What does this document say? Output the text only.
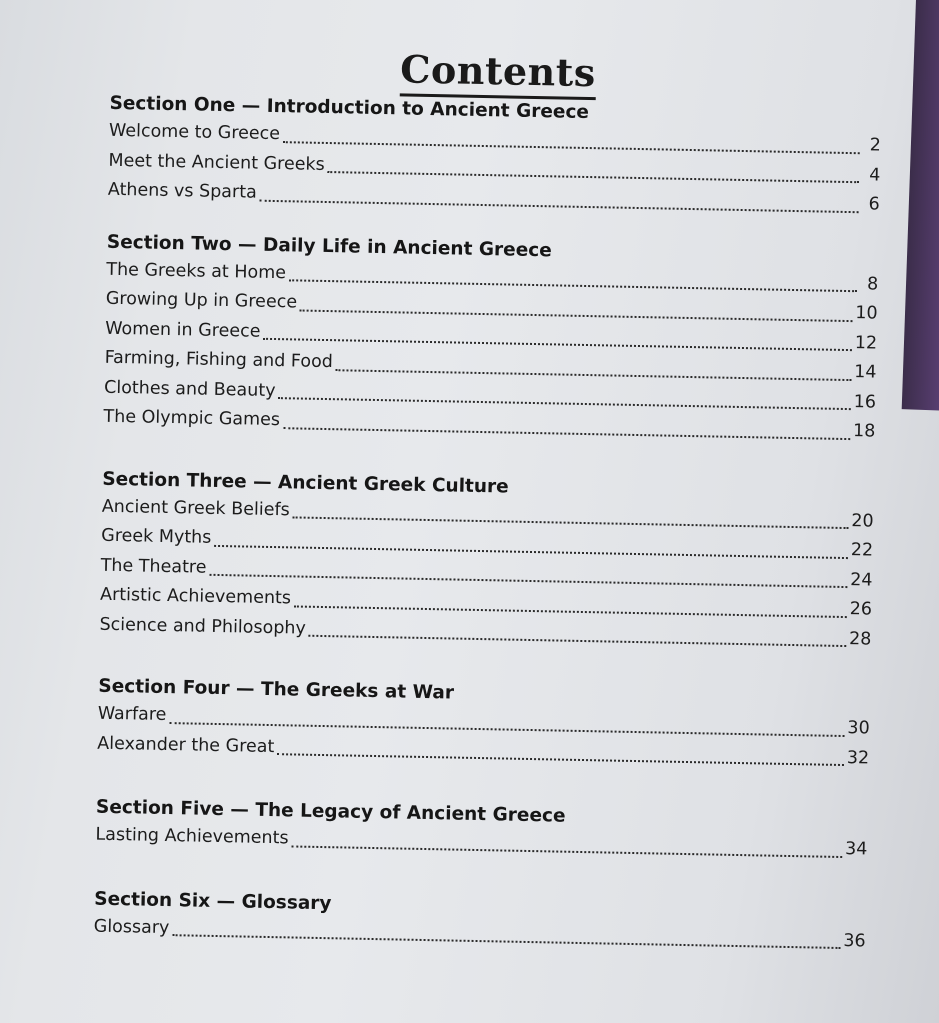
Contents
Section One — Introduction to Ancient Greece
Welcome to Greece
2
Meet the Ancient Greeks
4
Athens vs Sparta
6
Section Two — Daily Life in Ancient Greece
The Greeks at Home
8
Growing Up in Greece
10
Women in Greece
12
Farming, Fishing and Food
14
Clothes and Beauty
16
The Olympic Games
18
Section Three — Ancient Greek Culture
Ancient Greek Beliefs
20
Greek Myths
22
The Theatre
24
Artistic Achievements
26
Science and Philosophy
28
Section Four — The Greeks at War
Warfare
30
Alexander the Great
32
Section Five — The Legacy of Ancient Greece
Lasting Achievements
34
Section Six — Glossary
Glossary
36
